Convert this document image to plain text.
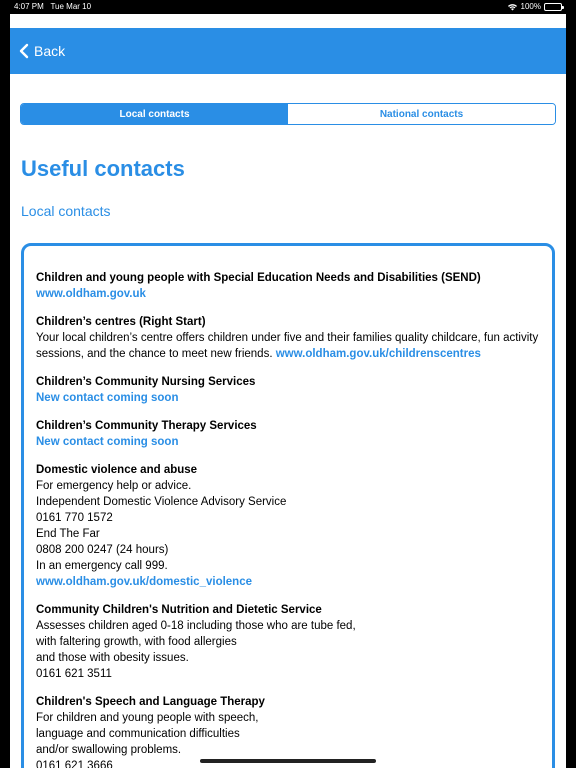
4:07 PM Tue Mar 10	100%
Back
Local contacts	National contacts
Useful contacts
Local contacts
Children and young people with Special Education Needs and Disabilities (SEND)
www.oldham.gov.uk
Children’s centres (Right Start)

Your local children’s centre offers children under five and their families quality childcare, fun activity sessions, and the chance to meet new friends. www.oldham.gov.uk/childrenscentres

Children’s Community Nursing Services
New contact coming soon
Children’s Community Therapy Services
New contact coming soon
Domestic violence and abuse

For emergency help or advice.

Independent Domestic Violence Advisory Service

0161 770 1572

End The Far

0808 200 0247 (24 hours)

In an emergency call 999.

www.oldham.gov.uk/domestic_violence
Community Children's Nutrition and Dietetic Service

Assesses children aged 0-18 including those who are tube fed,

with faltering growth, with food allergies

and those with obesity issues.

0161 621 3511

Children's Speech and Language Therapy

For children and young people with speech,

language and communication difficulties

and/or swallowing problems.

0161 621 3666
